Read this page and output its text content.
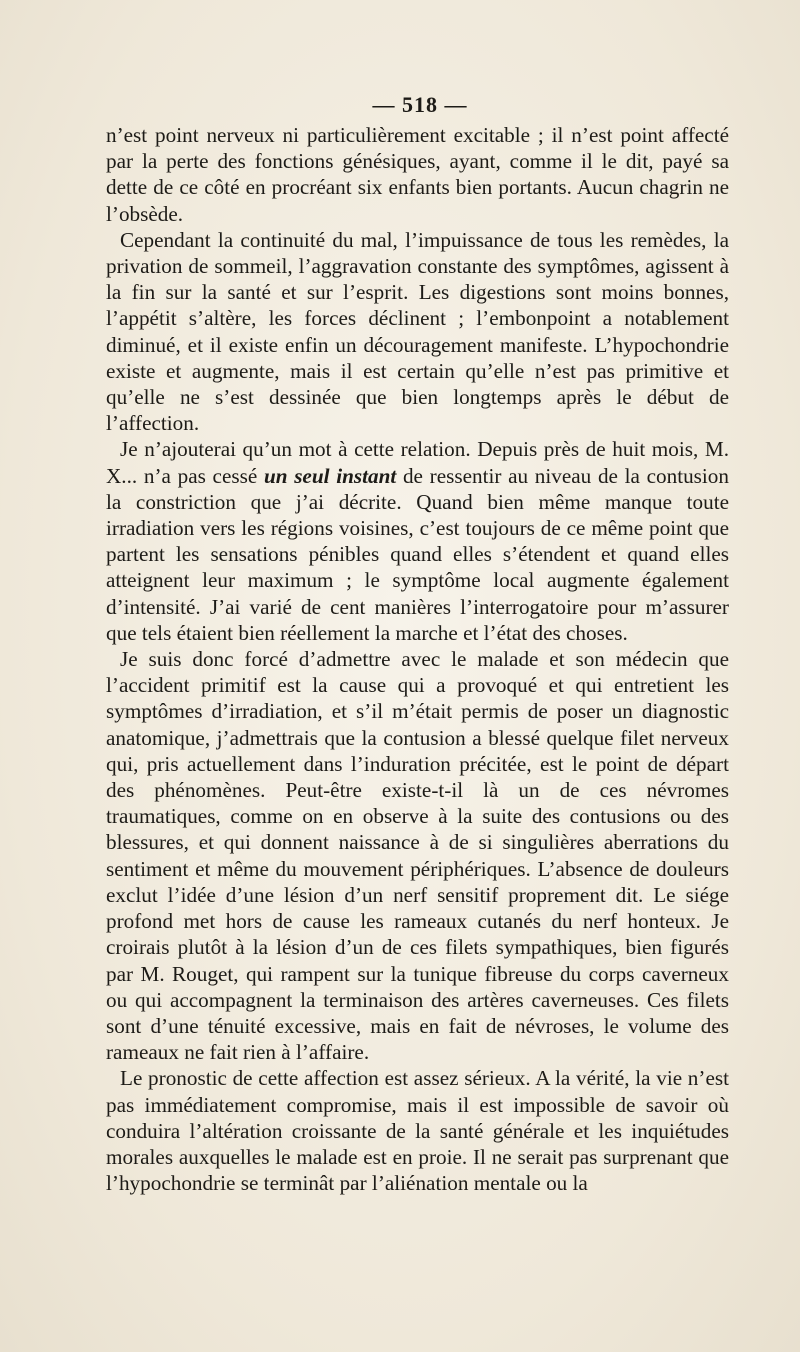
— 518 —

n’est point nerveux ni particulièrement excitable ; il n’est point affecté par la perte des fonctions génésiques, ayant, comme il le dit, payé sa dette de ce côté en procréant six enfants bien portants. Aucun chagrin ne l’obsède.

Cependant la continuité du mal, l’impuissance de tous les remèdes, la privation de sommeil, l’aggravation constante des symptômes, agissent à la fin sur la santé et sur l’esprit. Les digestions sont moins bonnes, l’appétit s’altère, les forces déclinent ; l’embonpoint a notablement diminué, et il existe enfin un découragement manifeste. L’hypochondrie existe et augmente, mais il est certain qu’elle n’est pas primitive et qu’elle ne s’est dessinée que bien longtemps après le début de l’affection.

Je n’ajouterai qu’un mot à cette relation. Depuis près de huit mois, M. X... n’a pas cessé un seul instant de ressentir au niveau de la contusion la constriction que j’ai décrite. Quand bien même manque toute irradiation vers les régions voisines, c’est toujours de ce même point que partent les sensations pénibles quand elles s’étendent et quand elles atteignent leur maximum ; le symptôme local augmente également d’intensité. J’ai varié de cent manières l’interrogatoire pour m’assurer que tels étaient bien réellement la marche et l’état des choses.

Je suis donc forcé d’admettre avec le malade et son médecin que l’accident primitif est la cause qui a provoqué et qui entretient les symptômes d’irradiation, et s’il m’était permis de poser un diagnostic anatomique, j’admettrais que la contusion a blessé quelque filet nerveux qui, pris actuellement dans l’induration précitée, est le point de départ des phénomènes. Peut-être existe-t-il là un de ces névromes traumatiques, comme on en observe à la suite des contusions ou des blessures, et qui donnent naissance à de si singulières aberrations du sentiment et même du mouvement périphériques. L’absence de douleurs exclut l’idée d’une lésion d’un nerf sensitif proprement dit. Le siége profond met hors de cause les rameaux cutanés du nerf honteux. Je croirais plutôt à la lésion d’un de ces filets sympathiques, bien figurés par M. Rouget, qui rampent sur la tunique fibreuse du corps caverneux ou qui accompagnent la terminaison des artères caverneuses. Ces filets sont d’une ténuité excessive, mais en fait de névroses, le volume des rameaux ne fait rien à l’affaire.

Le pronostic de cette affection est assez sérieux. A la vérité, la vie n’est pas immédiatement compromise, mais il est impossible de savoir où conduira l’altération croissante de la santé générale et les inquiétudes morales auxquelles le malade est en proie. Il ne serait pas surprenant que l’hypochondrie se terminât par l’aliénation mentale ou la
